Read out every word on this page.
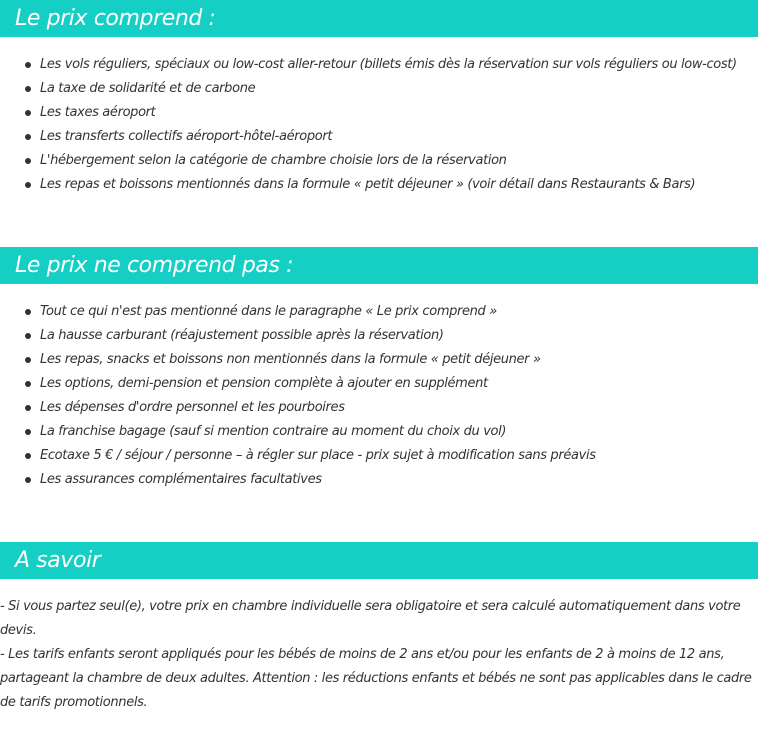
Le prix comprend :
Les vols réguliers, spéciaux ou low-cost aller-retour (billets émis dès la réservation sur vols réguliers ou low-cost)
La taxe de solidarité et de carbone
Les taxes aéroport
Les transferts collectifs aéroport-hôtel-aéroport
L'hébergement selon la catégorie de chambre choisie lors de la réservation
Les repas et boissons mentionnés dans la formule « petit déjeuner » (voir détail dans Restaurants & Bars)
Le prix ne comprend pas :
Tout ce qui n'est pas mentionné dans le paragraphe « Le prix comprend »
La hausse carburant (réajustement possible après la réservation)
Les repas, snacks et boissons non mentionnés dans la formule « petit déjeuner »
Les options, demi-pension et pension complète à ajouter en supplément
Les dépenses d'ordre personnel et les pourboires
La franchise bagage (sauf si mention contraire au moment du choix du vol)
Ecotaxe 5 € / séjour / personne – à régler sur place - prix sujet à modification sans préavis
Les assurances complémentaires facultatives
A savoir

- Si vous partez seul(e), votre prix en chambre individuelle sera obligatoire et sera calculé automatiquement dans votre devis.

- Les tarifs enfants seront appliqués pour les bébés de moins de 2 ans et/ou pour les enfants de 2 à moins de 12 ans, partageant la chambre de deux adultes. Attention : les réductions enfants et bébés ne sont pas applicables dans le cadre de tarifs promotionnels.
